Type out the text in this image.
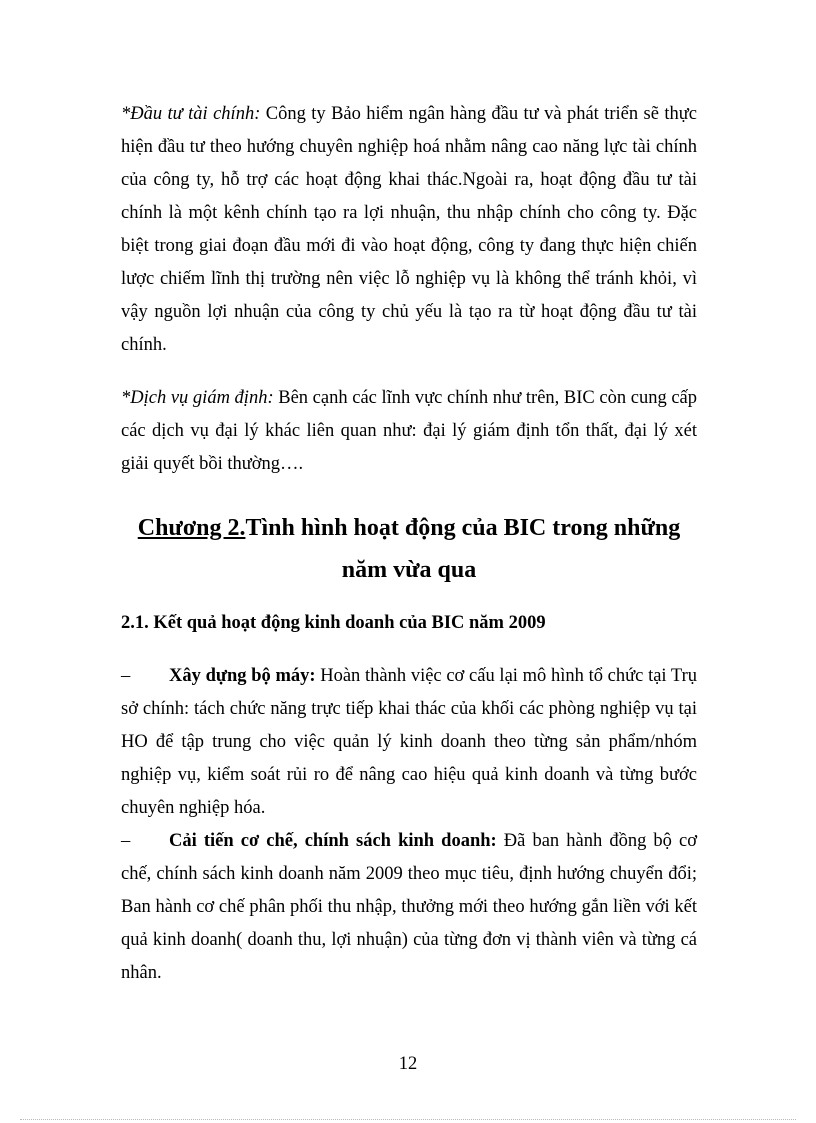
*Đầu tư tài chính: Công ty Bảo hiểm ngân hàng đầu tư và phát triển sẽ thực hiện đầu tư theo hướng chuyên nghiệp hoá nhằm nâng cao năng lực tài chính của công ty, hỗ trợ các hoạt động khai thác.Ngoài ra, hoạt động đầu tư tài chính là một kênh chính tạo ra lợi nhuận, thu nhập chính cho công ty. Đặc biệt trong giai đoạn đầu mới đi vào hoạt động, công ty đang thực hiện chiến lược chiếm lĩnh thị trường nên việc lỗ nghiệp vụ là không thể tránh khỏi, vì vậy nguồn lợi nhuận của công ty chủ yếu là tạo ra từ hoạt động đầu tư tài chính.

*Dịch vụ giám định: Bên cạnh các lĩnh vực chính như trên, BIC còn cung cấp các dịch vụ đại lý khác liên quan như: đại lý giám định tổn thất, đại lý xét giải quyết bồi thường….

Chương 2.Tình hình hoạt động của BIC trong những năm vừa qua
2.1. Kết quả hoạt động kinh doanh của BIC năm 2009

– Xây dựng bộ máy: Hoàn thành việc cơ cấu lại mô hình tổ chức tại Trụ sở chính: tách chức năng trực tiếp khai thác của khối các phòng nghiệp vụ tại HO để tập trung cho việc quản lý kinh doanh theo từng sản phẩm/nhóm nghiệp vụ, kiểm soát rủi ro để nâng cao hiệu quả kinh doanh và từng bước chuyên nghiệp hóa.

– Cải tiến cơ chế, chính sách kinh doanh: Đã ban hành đồng bộ cơ chế, chính sách kinh doanh năm 2009 theo mục tiêu, định hướng chuyển đổi; Ban hành cơ chế phân phối thu nhập, thưởng mới theo hướng gắn liền với kết quả kinh doanh( doanh thu, lợi nhuận) của từng đơn vị thành viên và từng cá nhân.

12
